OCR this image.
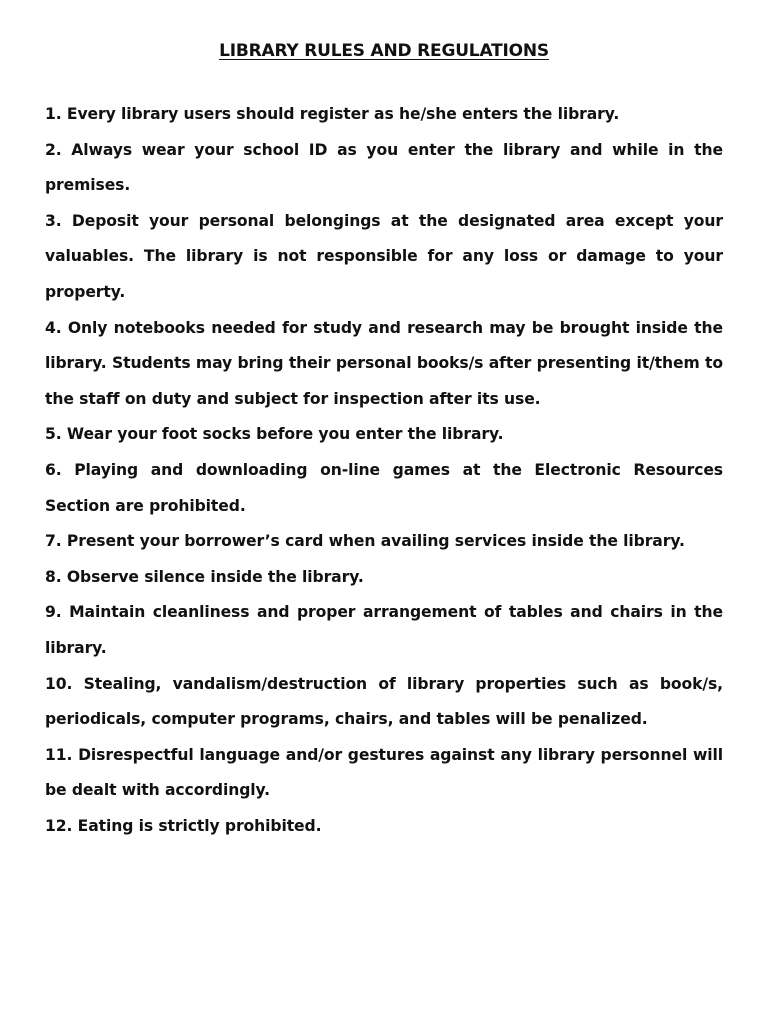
LIBRARY RULES AND REGULATIONS
1. Every library users should register as he/she enters the library.
2. Always wear your school ID as you enter the library and while in the premises.
3. Deposit your personal belongings at the designated area except your valuables. The library is not responsible for any loss or damage to your property.
4. Only notebooks needed for study and research may be brought inside the library. Students may bring their personal books/s after presenting it/them to the staff on duty and subject for inspection after its use.
5. Wear your foot socks before you enter the library.
6. Playing and downloading on-line games at the Electronic Resources Section are prohibited.
7. Present your borrower’s card when availing services inside the library.
8. Observe silence inside the library.
9. Maintain cleanliness and proper arrangement of tables and chairs in the library.
10. Stealing, vandalism/destruction of library properties such as book/s, periodicals, computer programs, chairs, and tables will be penalized.
11. Disrespectful language and/or gestures against any library personnel will be dealt with accordingly.
12. Eating is strictly prohibited.
